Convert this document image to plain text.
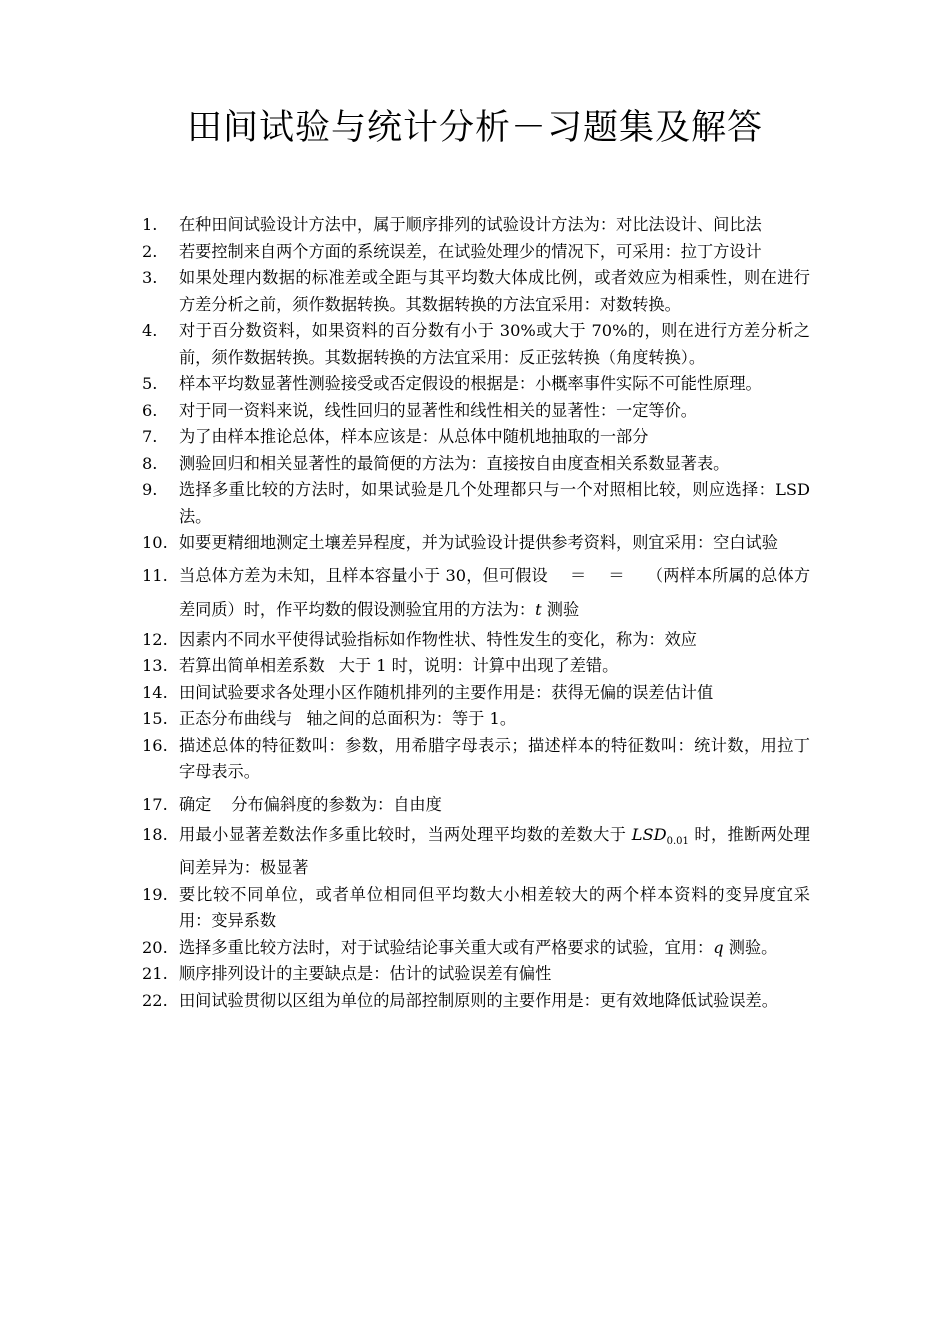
田间试验与统计分析－习题集及解答
1.	在种田间试验设计方法中，属于顺序排列的试验设计方法为：对比法设计、间比法
2.	若要控制来自两个方面的系统误差，在试验处理少的情况下，可采用：拉丁方设计
3.	如果处理内数据的标准差或全距与其平均数大体成比例，或者效应为相乘性，则在进行方差分析之前，须作数据转换。其数据转换的方法宜采用：对数转换。
4.	对于百分数资料，如果资料的百分数有小于 30%或大于 70%的，则在进行方差分析之前，须作数据转换。其数据转换的方法宜采用：反正弦转换（角度转换）。
5.	样本平均数显著性测验接受或否定假设的根据是：小概率事件实际不可能性原理。
6.	对于同一资料来说，线性回归的显著性和线性相关的显著性：一定等价。
7.	为了由样本推论总体，样本应该是：从总体中随机地抽取的一部分
8.	测验回归和相关显著性的最简便的方法为：直接按自由度查相关系数显著表。
9.	选择多重比较的方法时，如果试验是几个处理都只与一个对照相比较，则应选择：LSD 法。
10. 如要更精细地测定土壤差异程度，并为试验设计提供参考资料，则宜采用：空白试验
11. 当总体方差为未知，且样本容量小于 30，但可假设 ＝ ＝ （两样本所属的总体方差同质）时，作平均数的假设测验宜用的方法为：t 测验
12. 因素内不同水平使得试验指标如作物性状、特性发生的变化，称为：效应
13. 若算出简单相差系数 大于 1 时，说明：计算中出现了差错。
14. 田间试验要求各处理小区作随机排列的主要作用是：获得无偏的误差估计值
15. 正态分布曲线与 轴之间的总面积为：等于 1。
16. 描述总体的特征数叫：参数，用希腊字母表示；描述样本的特征数叫：统计数，用拉丁字母表示。
17. 确定 分布偏斜度的参数为：自由度
18. 用最小显著差数法作多重比较时，当两处理平均数的差数大于 $LSD_{0.01}$ 时，推断两处理间差异为：极显著
19. 要比较不同单位，或者单位相同但平均数大小相差较大的两个样本资料的变异度宜采用：变异系数
20. 选择多重比较方法时，对于试验结论事关重大或有严格要求的试验，宜用：q 测验。
21. 顺序排列设计的主要缺点是：估计的试验误差有偏性
22. 田间试验贯彻以区组为单位的局部控制原则的主要作用是：更有效地降低试验误差。
